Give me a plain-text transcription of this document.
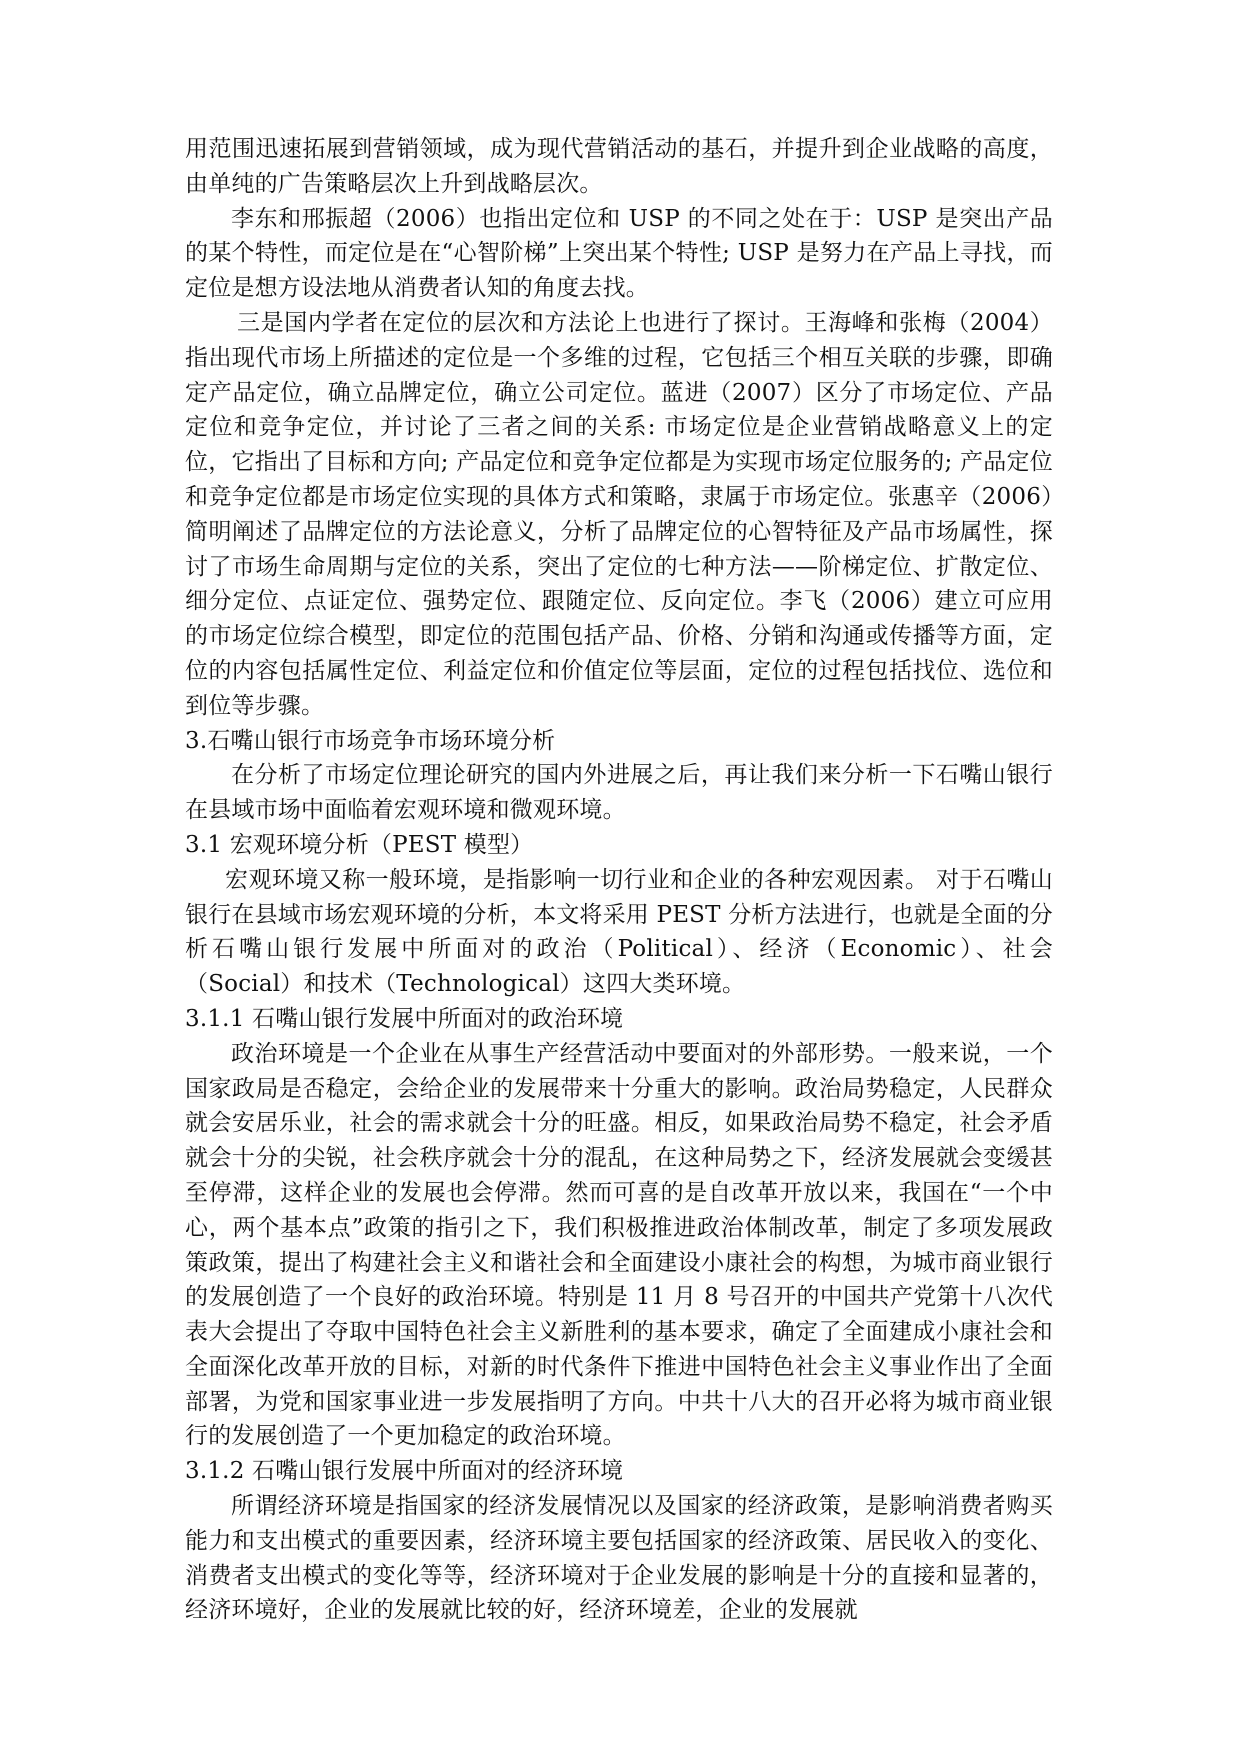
用范围迅速拓展到营销领域，成为现代营销活动的基石，并提升到企业战略的高度，由单纯的广告策略层次上升到战略层次。

李东和邢振超（2006）也指出定位和 USP 的不同之处在于：USP 是突出产品的某个特性，而定位是在“心智阶梯”上突出某个特性; USP 是努力在产品上寻找，而定位是想方设法地从消费者认知的角度去找。

三是国内学者在定位的层次和方法论上也进行了探讨。王海峰和张梅（2004）指出现代市场上所描述的定位是一个多维的过程，它包括三个相互关联的步骤，即确定产品定位，确立品牌定位，确立公司定位。蓝进（2007）区分了市场定位、产品定位和竞争定位，并讨论了三者之间的关系: 市场定位是企业营销战略意义上的定位，它指出了目标和方向; 产品定位和竞争定位都是为实现市场定位服务的; 产品定位和竞争定位都是市场定位实现的具体方式和策略，隶属于市场定位。张惠辛（2006）简明阐述了品牌定位的方法论意义，分析了品牌定位的心智特征及产品市场属性，探讨了市场生命周期与定位的关系，突出了定位的七种方法——阶梯定位、扩散定位、细分定位、点证定位、强势定位、跟随定位、反向定位。李飞（2006）建立可应用的市场定位综合模型，即定位的范围包括产品、价格、分销和沟通或传播等方面，定位的内容包括属性定位、利益定位和价值定位等层面，定位的过程包括找位、选位和到位等步骤。

3.石嘴山银行市场竞争市场环境分析

在分析了市场定位理论研究的国内外进展之后，再让我们来分析一下石嘴山银行在县域市场中面临着宏观环境和微观环境。

3.1 宏观环境分析（PEST 模型）

宏观环境又称一般环境，是指影响一切行业和企业的各种宏观因素。 对于石嘴山银行在县域市场宏观环境的分析，本文将采用 PEST 分析方法进行，也就是全面的分析石嘴山银行发展中所面对的政治（Political）、经济（Economic）、社会（Social）和技术（Technological）这四大类环境。

3.1.1 石嘴山银行发展中所面对的政治环境

政治环境是一个企业在从事生产经营活动中要面对的外部形势。一般来说，一个国家政局是否稳定，会给企业的发展带来十分重大的影响。政治局势稳定，人民群众就会安居乐业，社会的需求就会十分的旺盛。相反，如果政治局势不稳定，社会矛盾就会十分的尖锐，社会秩序就会十分的混乱，在这种局势之下，经济发展就会变缓甚至停滞，这样企业的发展也会停滞。然而可喜的是自改革开放以来，我国在“一个中心，两个基本点”政策的指引之下，我们积极推进政治体制改革，制定了多项发展政策政策，提出了构建社会主义和谐社会和全面建设小康社会的构想，为城市商业银行的发展创造了一个良好的政治环境。特别是 11 月 8 号召开的中国共产党第十八次代表大会提出了夺取中国特色社会主义新胜利的基本要求，确定了全面建成小康社会和全面深化改革开放的目标，对新的时代条件下推进中国特色社会主义事业作出了全面部署，为党和国家事业进一步发展指明了方向。中共十八大的召开必将为城市商业银行的发展创造了一个更加稳定的政治环境。

3.1.2 石嘴山银行发展中所面对的经济环境

所谓经济环境是指国家的经济发展情况以及国家的经济政策，是影响消费者购买能力和支出模式的重要因素，经济环境主要包括国家的经济政策、居民收入的变化、消费者支出模式的变化等等，经济环境对于企业发展的影响是十分的直接和显著的，经济环境好，企业的发展就比较的好，经济环境差，企业的发展就
